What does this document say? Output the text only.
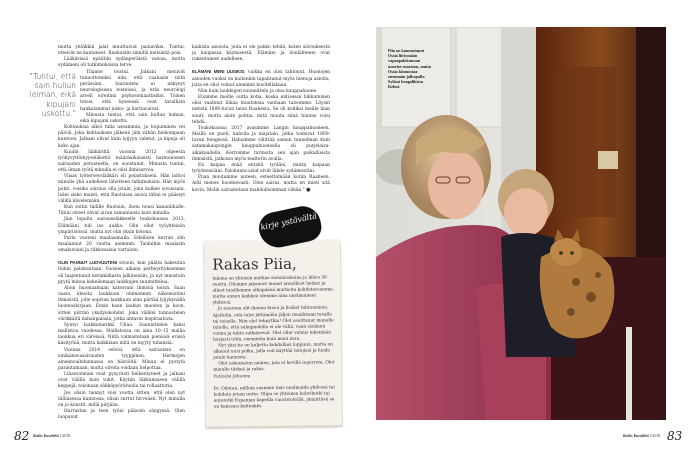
mutta yhtäkkiä jalat muuttuivat painaviksi. Tuntui, etteivät ne kantaneet. Raahustin sinnillä metsästä pois.

Lääkärissä epäiltiin sydänperäistä vaivaa, mutta sydämeni oli tutkimuksissa terve.

"Tuntui, että sain hullun leiman, eikä kipujani uskottu."

Tilanne toistui. Jalkani menivät tunnottomiksi niin, että raahasin niitä perässäni. Sairauteni ei näkynyt neurologisissa testeissä, ja eräs neurologi arveli oireitani psykosomaattisiksi. Toinen totesi, että kyseessä ovat tavallista hankalammat nisko- ja hartiavaivat.

Minusta tuntui, että sain hullun leiman, eikä kipujani uskottu.

Kohtauksia alkoi tulla useammin, ja toipuminen vei päiviä. Joka kohtauksen jälkeen jäin vähän heikompaan kuntoon. Jalkani olivat kuin lyijyyn valetut, ja kipuja oli koko ajan.

Kuulin lääkäriltä vuonna 2012 ohjeesta työkyvyttömyyseläkettä määräaikaisesti harmoniseen sairauden perusteella, en suostunut. Minusta tuntui, että ilman työtä minulla ei olisi ihmisarvoa.

Viisas työterveyslääkäri oli pelastukseni. Hän laittoi minulle yhä uudelleen lähetteen tutkimuksiin. Hän myös pohti, voisiko sairaus olla jotain, joka kulkee suvussani. Isäni sisko muisti, että Ruotsissa asuva tätini ei päässyt välillä kävelemään.

Kun soitin tädille Ruotsiin, ihoni nousi kananlihalle. Tätini oireet olivat aivan samanlaisia kuin minulla.

Jäin lopulta sairauseläkkeelle toukokuussa 2013. Elämääni tuli iso aukko. Olin ollut työyhteisön ympäristössä, mutta nyt olin yksin kotona.

Parin vuoteni maalasimalla. Edellisen kerran olin maalannut 20 vuotta aiemmin. Tauluihin maalasin omakuviani ja riikkonaisia vartaloni.

OLIN PANNUT LUOVUUTENI sivuun, kun päätin hakeutua töihin palokuntaan. Vuosien aikana perheyrityksemme oli laajentunut keramiikasta jalkineisiin, ja nyt innostuin pyytä minua kokeilemaan laukkujen suunnittelua.

Aloin huomaamaan katsovani ihmisiä toisin. Saan uusia ideoita laukkuun ohimennen näkemistäni ihmisistä, jolle sopivan laukkuun alan piirtää lyijykynällä luonnoskirjaan. Ensin haen laukun muodon ja koon, sitten piirrän yksityiskohdat. Joka väliksi tunnustelen värikkäitä nahanpalasia, jotka antavat inspiraatiota.

Syntyi laukkumerkki Uhaa. Suunnittelen kaksi mallistoa vuodessa. Mallistossa on aina 10–15 mallia laukkua eri väreissä. Niitä valmistetaan pienissä erissä käsityönä, mutta kaikkiaan niitä on myyty tuhansia.

Vuonna 2014 selvisi, että sairauteni on ionikanavasairauden tyyppinen. Hermojen aineenvaihdunnassa on häiriöitä. Minua ei pystytä parantamaan, mutta oireita voidaan helpottaa.

Lihasvoimani ovat pysyvästi heikentyneet ja jalkani ovat välillä kuin tukit. Käytän liikkumiseen välillä keppejä, toisinaan sähköpyörätuolia tai rollaattoria.

Jos olisin tiennyt viisi vuotta sitten, että olen nyt tällaisessa kunnossa, olisin surrut hirveästi. Nyt minulla on jo konstit, millä pärjään.

Harrastan ja teen työni pääosin sängyssä. Olen luopunut

kaikista asioista, joita ei ole pakko tehdä, kuten siivouksesta ja kaupassa käymisestä. Elämäni ja ilonlähteeni ovat rakentuneet uudelleen.

ELÄMÄNI MENI UUSIKSI, vaikka en olisi tahtonut. Huonojen asioiden vuoksi on kuitenkin tapahtunut myös hienoja asioita, joita en olisi voinut aiemmin kuvitellakaan.

Niin kuin laukkujen suunnittelu ja oma kauppahuone.

Etsimme meille uutta kotia, koska entisessä liikkuminen olisi vaatinut liikaa muutoksia vanhaan taloomme. Löysin netistä 1800-luvun talon Raahesta. Se oli kodiksi meille liian suuri, mutta aloin pohtia, mitä muuta siinä tilanne voisi tehdä.

Toukokuussa 2017 avasimme Langin kauppahuoneen. Meillä on puoti, kahvila ja majatalo, jotka toimivat 1800-luvun hengessä. Haluamme välittää saman tunnelman kuin satamakaupungin kauppahuoneella oli purjelaiva-aikakaudella. Kerromme tarinoita sen ajan paikallisista ihmisistä, jatkossa myös teatterin avulla.

En kaipaa enää entistä työtäni, mutta kaipaan työyhteisöäni. Palokunta-asiat eivät lähde sydämestäni.

Piian muutamme uuteen, esteettömään kotiin Raaheen. Arki menee hoomievasti. Olen sairas, mutta en mieti sitä kovin. Mollii sairastetaan mahdollisimman vähän." ●

Rakas Piia,

takana on yhteisiä matkaa sielunsiskoina jo lähes 30 vuotta. Olemme jakaneet monet onnelliset hetket ja olleet toisillemme olkapäänä murheita kohdatessamme, mutta ennen kaikkea olemme aina unelmoineet yhdessä.

Jo nuorena olit ihanan luova ja lisäksi tahtonainen. Ajattelin, että tulet jättämään jäljen maailmaan tavalla tai toisella. Niin olet tehnytkin! Olet osoittanut monelle taholle, että sukupuolella ei ole väliä, vaan sisäinen voima ja tahto ratkaisevat. Olet ollut valmis tekemään hurjasti töitä, enemmän kuin moni muu.

Nyt yksi tie on kuljettu kohdallasi loppuun, mutta on alkanut uusi polku, jolla voit käyttää taitojasi ja luoda jotain kaunista.

Olet uskomaton nainen, jota ei hevillä nujerreta. Olet minulle tärkeä ja rakas.

Ystäväsi Johanna

Ps. Odotan, milloin saamme taas unelmoida yhdessä tai kohdata jotain uutta. Olipa se yhteinen kahvihetki tai autoretki Espanjan kapeilla vuoristoteillä, jännittävä se on kanssasi kuitenkin.

kirje ystävältä
Piia on kannustanut Ossia liittymään vapaapalokunnan nuoriso-osastoon, mutta Ossia kiinnostaa enemmän jalkapallo. Sylissä bengalikissa Kelmi.
82 Kodin Kuvalehti 1/2018	Kodin Kuvalehti 1/2018 83
